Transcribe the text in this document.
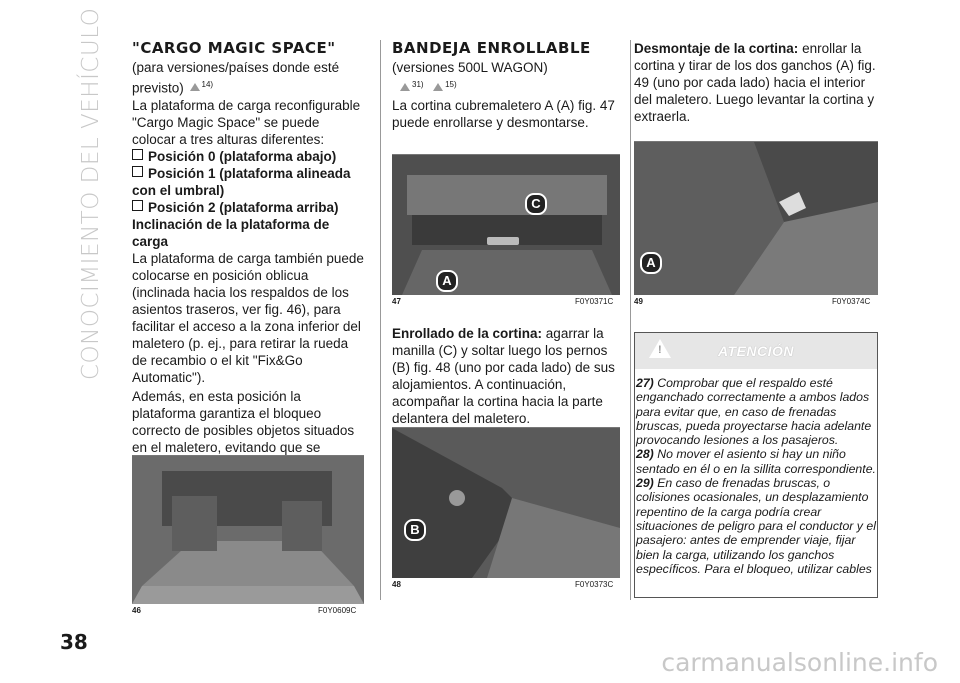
CONOCIMIENTO DEL VEHÍCULO "CARGO MAGIC SPACE"

(para versiones/países donde esté
previsto) $^{14)}$

La plataforma de carga reconfigurable "Cargo Magic Space" se puede colocar a tres alturas diferentes:

Posición 0 (plataforma abajo)

Posición 1 (plataforma alineada con el umbral)

Posición 2 (plataforma arriba)

Inclinación de la plataforma de carga

La plataforma de carga también puede colocarse en posición oblicua (inclinada hacia los respaldos de los asientos traseros, ver fig. 46), para facilitar el acceso a la zona inferior del maletero (p. ej., para retirar la rueda de recambio o el kit "Fix&Go Automatic").

Además, en esta posición la plataforma garantiza el bloqueo correcto de posibles objetos situados en el maletero, evitando que se

46	F0Y0609C

BANDEJA ENROLLABLE

(versiones 500L WAGON)

$^{31)}$	$^{15)}$

La cortina cubremaletero A (A) fig. 47 puede enrollarse y desmontarse.

C
A
47	F0Y0371C

Enrollado de la cortina: agarrar la manilla (C) y soltar luego los pernos (B) fig. 48 (uno por cada lado) de sus alojamientos. A continuación, acompañar la cortina hacia la parte delantera del maletero.

B
48	F0Y0373C

Desmontaje de la cortina: enrollar la cortina y tirar de los dos ganchos (A) fig. 49 (uno por cada lado) hacia el interior del maletero. Luego levantar la cortina y extraerla.

A
49	F0Y0374C
!	ATENCIÓN

27) Comprobar que el respaldo esté enganchado correctamente a ambos lados para evitar que, en caso de frenadas bruscas, pueda proyectarse hacia adelante provocando lesiones a los pasajeros.

28) No mover el asiento si hay un niño sentado en él o en la sillita correspondiente.

29) En caso de frenadas bruscas, o colisiones ocasionales, un desplazamiento repentino de la carga podría crear situaciones de peligro para el conductor y el pasajero: antes de emprender viaje, fijar bien la carga, utilizando los ganchos específicos. Para el bloqueo, utilizar cables

38
carmanualsonline.info
